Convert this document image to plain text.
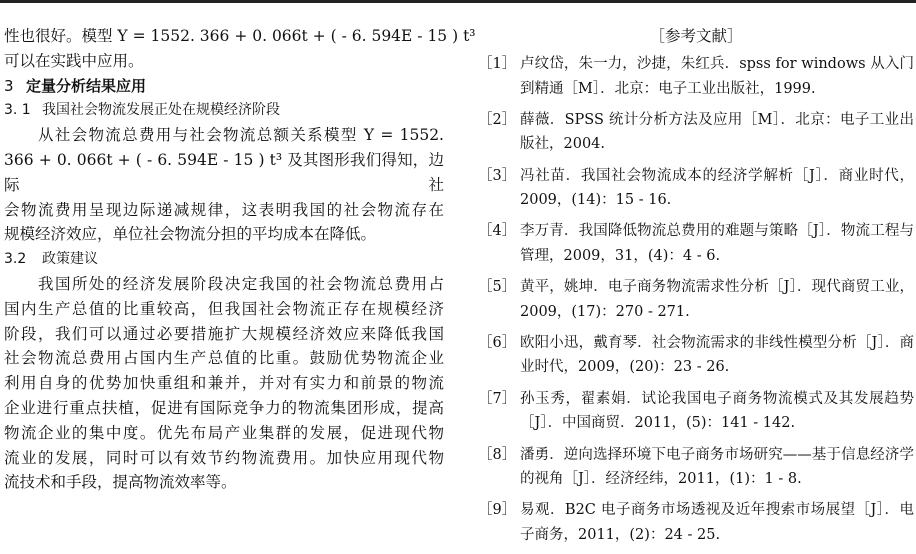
性也很好。模型 Y = 1552. 366 + 0. 066t + ( - 6. 594E - 15 ) t³

可以在实践中应用。

3 定量分析结果应用

3. 1 我国社会物流发展正处在规模经济阶段

从社会物流总费用与社会物流总额关系模型 Y = 1552.

366 + 0. 066t + ( - 6. 594E - 15 ) t³ 及其图形我们得知，边际社

会物流费用呈现边际递减规律，这表明我国的社会物流存在

规模经济效应，单位社会物流分担的平均成本在降低。

3.2 政策建议

我国所处的经济发展阶段决定我国的社会物流总费用占

国内生产总值的比重较高，但我国社会物流正存在规模经济

阶段，我们可以通过必要措施扩大规模经济效应来降低我国

社会物流总费用占国内生产总值的比重。鼓励优势物流企业

利用自身的优势加快重组和兼并，并对有实力和前景的物流

企业进行重点扶植，促进有国际竞争力的物流集团形成，提高

物流企业的集中度。优先布局产业集群的发展，促进现代物

流业的发展，同时可以有效节约物流费用。加快应用现代物

流技术和手段，提高物流效率等。

［参考文献］

［1］ 卢纹岱，朱一力，沙捷，朱红兵．spss for windows 从入门到精通［M］．北京：电子工业出版社，1999.
［2］ 薛薇．SPSS 统计分析方法及应用［M］．北京：电子工业出版社，2004.
［3］ 冯社苗．我国社会物流成本的经济学解析［J］．商业时代，2009，(14)：15 - 16.
［4］ 李万青．我国降低物流总费用的难题与策略［J］．物流工程与管理，2009，31，(4)：4 - 6.
［5］ 黄平，姚坤．电子商务物流需求性分析［J］．现代商贸工业，2009，(17)：270 - 271.
［6］ 欧阳小迅，戴育琴．社会物流需求的非线性模型分析［J］．商业时代，2009，(20)：23 - 26.
［7］ 孙玉秀，翟素娟．试论我国电子商务物流模式及其发展趋势［J］．中国商贸．2011，(5)：141 - 142.
［8］ 潘勇．逆向选择环境下电子商务市场研究——基于信息经济学的视角［J］．经济经纬，2011，(1)：1 - 8.
［9］ 易观．B2C 电子商务市场透视及近年搜索市场展望［J］．电子商务，2011，(2)：24 - 25.
